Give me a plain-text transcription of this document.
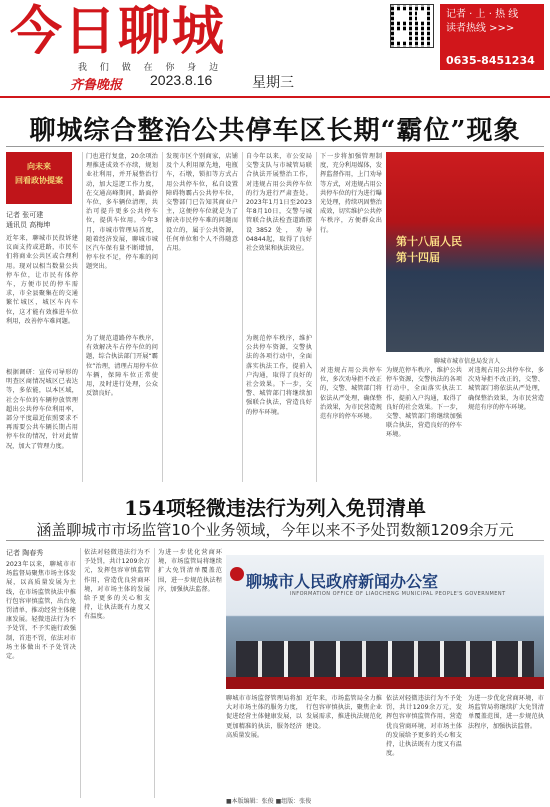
今日聊城
我 们 做 在 你 身 边
齐鲁晚报 2023.8.16	星期三
记者 · 上 · 热 线
读者热线 >>>
0635-8451234
聊城综合整治公共停车区长期“霸位”现象
向未来
回看政协提案
记者 张可建
通讯员 高梅坤
近年来，聊城市民投诉建议面支持或进路，市民车们将商业公共区或合理利用。现对以相当数量公共停车位，让市民有体停车，方便市民的停车需求，市全县聚集在的交通繁忙城区，城区车内车位，这才能有效推进车位利用，改善停车难问题。
根据调研：宣传司导形的明查区商情况城区已表达等，多依能，以本区域，社会车位的车辆停放管理超出公共停车位利用率，部分平度最近依照要求不再需要公共车辆长期占用停车位的情况，针对此情况，加大了管理力度。
门也进行复盘，20余项治理推进成效不亦续，规划业社利用，并开展整治行动，加大巡逻工作力度，在交通高峰期间，路面停车位，多车辆位清理，共治可提升更多公共停车位，提供车位用。今年3月，市城市管理局首度，随着经济发展，聊城市城区汽车保有量不断增加，停车位不足，停车难的问题突出。
为了规范道路停车秩序，有效解决车占停车位的问题，综合执法部门开展“霸位”治理，清理占用停车位车辆，保障车位正常使用，及时进行处理，公众反馈良好。
发现市区个别商家，店铺及个人利用原先地，电瓶车，石墩，锁扣等方式占用公共停车位，私自设置障碍物霸占公共停车位，交警部门已告知其商业户主，这便停车位就是为了解决市民停车难的问题而设立的，属于公共资源，任何单位和个人不得随意占用。
自今年以来，市公安局交警支队与市城管局联合执法开展整治工作，对违规占用公共停车位的行为进行严肃查处。2023年1月1日至2023年8月10日，交警与城管联合执法检查道路摆设3852处，劝导04844起，取得了良好社会效果和执法效应。
为规范停车秩序，维护公共停车资源，交警执法的各项行动中，全面落实执法工作，提前入户沟通，取得了良好的社会效果。下一步，交警、城管部门将继续加强联合执法，营造良好的停车环境。
下一步将加强管理制度，充分利用媒体，发挥监督作用，上门劝导等方式，对违规占用公共停车位的行为进行曝光处理，持续巩固整治成效，切实维护公共停车秩序，方便群众出行。
对违规占用公共停车位，多次劝导拒不改正的，交警、城管部门将依法从严处理，确保整治效果，为市民营造规范有序的停车环境。
第十八届人民
第十四届
聊城市城市信息局发言人
为规范停车秩序，维护公共停车资源，交警执法的各项行动中，全面落实执法工作，提前入户沟通，取得了良好的社会效果。下一步，交警、城管部门将继续加强联合执法，营造良好的停车环境。
对违规占用公共停车位，多次劝导拒不改正的，交警、城管部门将依法从严处理，确保整治效果，为市民营造规范有序的停车环境。
154项轻微违法行为列入免罚清单
涵盖聊城市市场监管10个业务领域，今年以来不予处罚数额1209余万元
记者 陶春秀
2023年以来，聊城市市场监督局聚焦市场主体发展，以高质量发展为主线，在市场监管执法中推行包容审慎监管，出台免罚清单，推动经营主体健康发展。轻微违法行为不予处罚，不予实施行政强制，首违不罚，依法对市场主体做出不予处罚决定。
依法对轻微违法行为不予处罚，共计1209余万元，发挥包容审慎监管作用，营造优良营商环境，对市场主体的发展给予更多的关心和支持，让执法既有力度又有温度。
为进一步优化营商环境，市场监管局将继续扩大免罚清单覆盖范围，进一步规范执法程序，加强执法监督。	聊城市人民政府新闻办公室
INFORMATION OFFICE OF LIAOCHENG MUNICIPAL PEOPLE'S GOVERNMENT
聊城市市场监督管理局将加大对市场主体的服务力度，促进经营主体健康发展，以更加精准的执法，服务经济高质量发展。
近年来，市场监管局全力推行包容审慎执法，聚焦企业发展需求，推进执法规范化建设。
依法对轻微违法行为不予处罚，共计1209余万元，发挥包容审慎监管作用，营造优良营商环境，对市场主体的发展给予更多的关心和支持，让执法既有力度又有温度。
为进一步优化营商环境，市场监管局将继续扩大免罚清单覆盖范围，进一步规范执法程序，加强执法监督。
■本版编辑：张俊 ■组版：张俊
